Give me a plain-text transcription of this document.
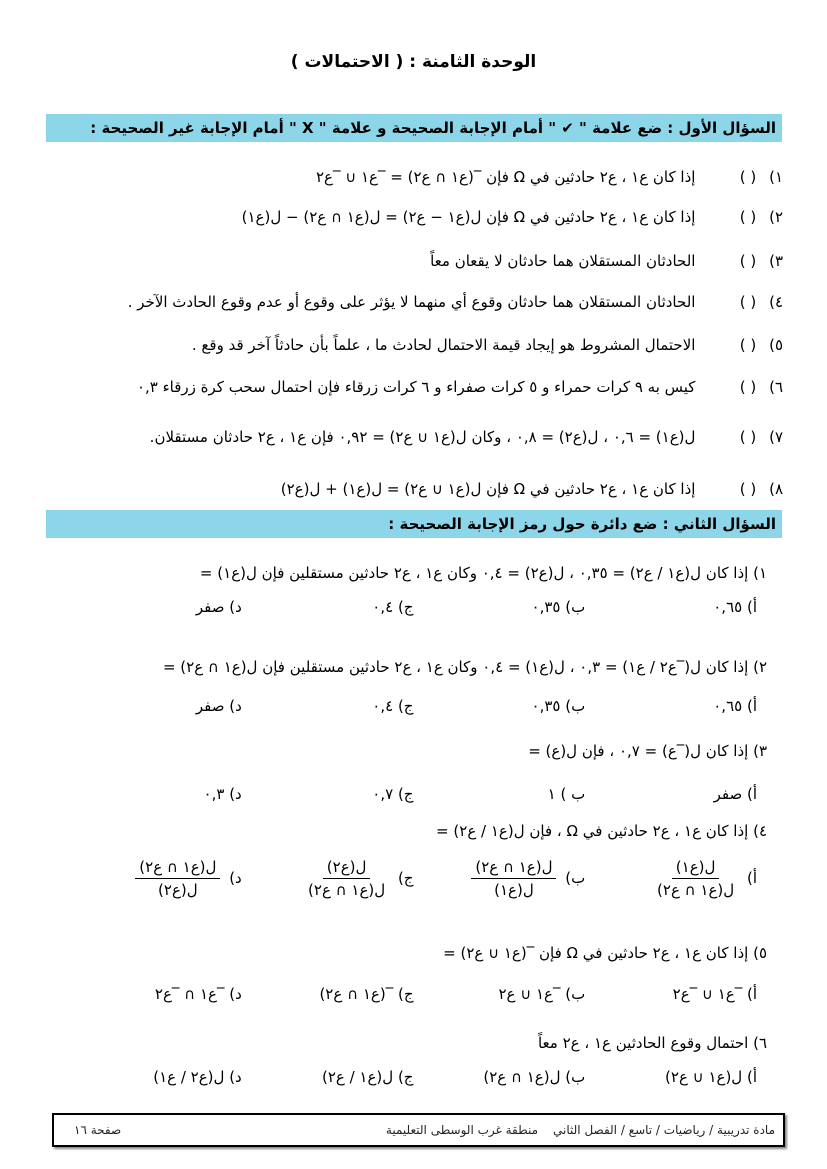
الوحدة الثامنة : ( الاحتمالات )
السؤال الأول : ضع علامة " ✔ " أمام الإجابة الصحيحة و علامة " X " أمام الإجابة غير الصحيحة :
١) ( ) إذا كان ع١ ، ع٢ حادثين في Ω فإن ‾(ع١ ∩ ع٢) = ‾ع١ ∪ ‾ع٢
٢) ( ) إذا كان ع١ ، ع٢ حادثين في Ω فإن ل(ع١ − ع٢) = ل(ع١ ∩ ع٢) − ل(ع١)
٣) ( ) الحادثان المستقلان هما حادثان لا يقعان معاً
٤) ( ) الحادثان المستقلان هما حادثان وقوع أي منهما لا يؤثر على وقوع أو عدم وقوع الحادث الآخر .
٥) ( ) الاحتمال المشروط هو إيجاد قيمة الاحتمال لحادث ما ، علماً بأن حادثاً آخر قد وقع .
٦) ( ) كيس به ٩ كرات حمراء و ٥ كرات صفراء و ٦ كرات زرقاء فإن احتمال سحب كرة زرقاء ٠,٣
٧) ( ) ل(ع١) = ٠,٦ ، ل(ع٢) = ٠,٨ ، وكان ل(ع١ ∪ ع٢) = ٠,٩٢ فإن ع١ ، ع٢ حادثان مستقلان.
٨) ( ) إذا كان ع١ ، ع٢ حادثين في Ω فإن ل(ع١ ∪ ع٢) = ل(ع١) + ل(ع٢)
السؤال الثاني : ضع دائرة حول رمز الإجابة الصحيحة :
١) إذا كان ل(ع١ / ع٢) = ٠,٣٥ ، ل(ع٢) = ٠,٤ وكان ع١ ، ع٢ حادثين مستقلين فإن ل(ع١) =
أ) ٠,٦٥
ب) ٠,٣٥
ج) ٠,٤
د) صفر
٢) إذا كان ل(‾ع٢ / ع١) = ٠,٣ ، ل(ع١) = ٠,٤ وكان ع١ ، ع٢ حادثين مستقلين فإن ل(ع١ ∩ ع٢) =
أ) ٠,٦٥
ب) ٠,٣٥
ج) ٠,٤
د) صفر
٣) إذا كان ل(‾ع) = ٠,٧ ، فإن ل(ع) =
أ) صفر
ب ) ١
ج) ٠,٧
د) ٠,٣
٤) إذا كان ع١ ، ع٢ حادثين في Ω ، فإن ل(ع١ / ع٢) =
أ)
$\frac{\text{ل(ع١)}}{\text{ل(ع١ ∩ ع٢)}}$
ب)
$\frac{\text{ل(ع١ ∩ ع٢)}}{\text{ل(ع١)}}$
ج)
$\frac{\text{ل(ع٢)}}{\text{ل(ع١ ∩ ع٢)}}$
د)
$\frac{\text{ل(ع١ ∩ ع٢)}}{\text{ل(ع٢)}}$
٥) إذا كان ع١ ، ع٢ حادثين في Ω فإن ‾(ع١ ∪ ع٢) =
أ) ‾ع١ ∪ ‾ع٢
ب) ‾ع١ ∪ ع٢
ج) ‾(ع١ ∩ ع٢)
د) ‾ع١ ∩ ‾ع٢
٦) احتمال وقوع الحادثين ع١ ، ع٢ معاً
أ) ل(ع١ ∪ ع٢)
ب) ل(ع١ ∩ ع٢)
ج) ل(ع١ / ع٢)
د) ل(ع٢ / ع١)
مادة تدريبية / رياضيات / تاسع / الفصل الثاني
منطقة غرب الوسطى التعليمية
صفحة ١٦
